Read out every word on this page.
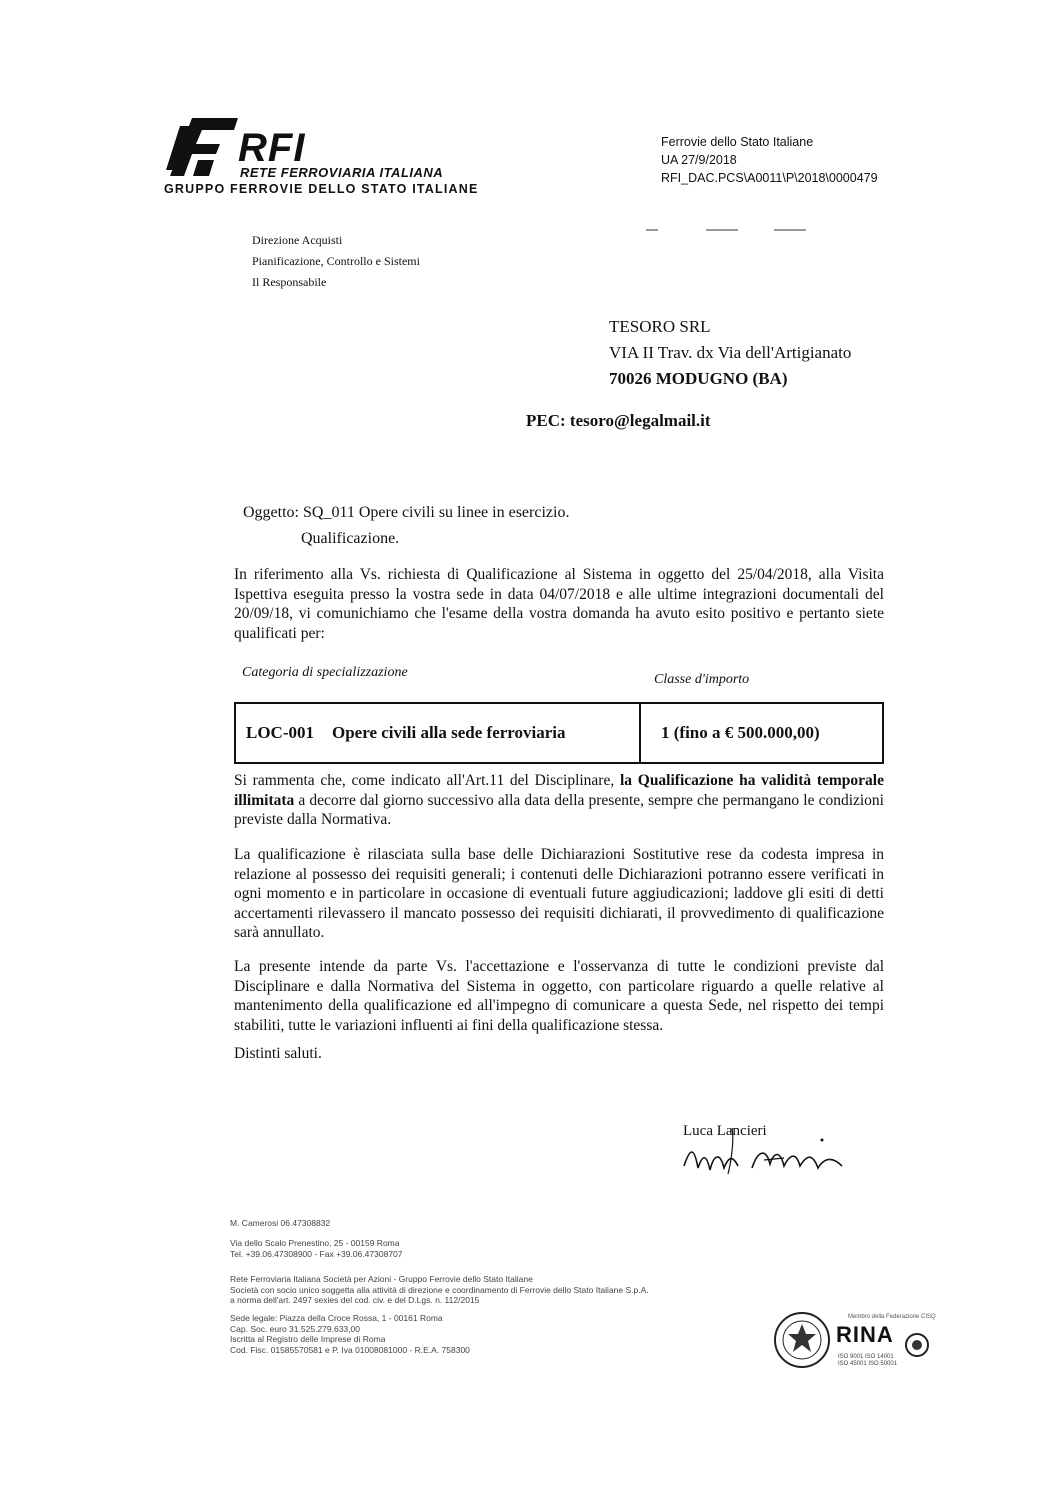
RFI
RETE FERROVIARIA ITALIANA
GRUPPO FERROVIE DELLO STATO ITALIANE
Ferrovie dello Stato Italiane
UA 27/9/2018
RFI_DAC.PCS\A0011\P\2018\0000479
Direzione Acquisti
Pianificazione, Controllo e Sistemi
Il Responsabile
TESORO SRL
VIA II Trav. dx Via dell'Artigianato
70026 MODUGNO (BA)
PEC: tesoro@legalmail.it
Oggetto: SQ_011 Opere civili su linee in esercizio.
Qualificazione.
In riferimento alla Vs. richiesta di Qualificazione al Sistema in oggetto del 25/04/2018, alla Visita Ispettiva eseguita presso la vostra sede in data 04/07/2018 e alle ultime integrazioni documentali del 20/09/18, vi comunichiamo che l'esame della vostra domanda ha avuto esito positivo e pertanto siete qualificati per:
Categoria di specializzazione	Classe d'importo
LOC-001 Opere civili alla sede ferroviaria	1 (fino a € 500.000,00)
Si rammenta che, come indicato all'Art.11 del Disciplinare, la Qualificazione ha validità temporale illimitata a decorre dal giorno successivo alla data della presente, sempre che permangano le condizioni previste dalla Normativa.
La qualificazione è rilasciata sulla base delle Dichiarazioni Sostitutive rese da codesta impresa in relazione al possesso dei requisiti generali; i contenuti delle Dichiarazioni potranno essere verificati in ogni momento e in particolare in occasione di eventuali future aggiudicazioni; laddove gli esiti di detti accertamenti rilevassero il mancato possesso dei requisiti dichiarati, il provvedimento di qualificazione sarà annullato.
La presente intende da parte Vs. l'accettazione e l'osservanza di tutte le condizioni previste dal Disciplinare e dalla Normativa del Sistema in oggetto, con particolare riguardo a quelle relative al mantenimento della qualificazione ed all'impegno di comunicare a questa Sede, nel rispetto dei tempi stabiliti, tutte le variazioni influenti ai fini della qualificazione stessa.
Distinti saluti.
Luca Lancieri
M. Camerosi 06.47308832
Via dello Scalo Prenestino, 25 - 00159 Roma
Tel. +39.06.47308900 - Fax +39.06.47308707
Rete Ferroviaria Italiana Società per Azioni - Gruppo Ferrovie dello Stato Italiane
Società con socio unico soggetta alla attività di direzione e coordinamento di Ferrovie dello Stato Italiane S.p.A.
a norma dell'art. 2497 sexies del cod. civ. e del D.Lgs. n. 112/2015
Sede legale: Piazza della Croce Rossa, 1 - 00161 Roma
Cap. Soc. euro 31.525.279.633,00
Iscritta al Registro delle Imprese di Roma
Cod. Fisc. 01585570581 e P. Iva 01008081000 - R.E.A. 758300
Membro della Federazione CISQ
RINA
ISO 9001 ISO 14001
ISO 45001 ISO 50001
